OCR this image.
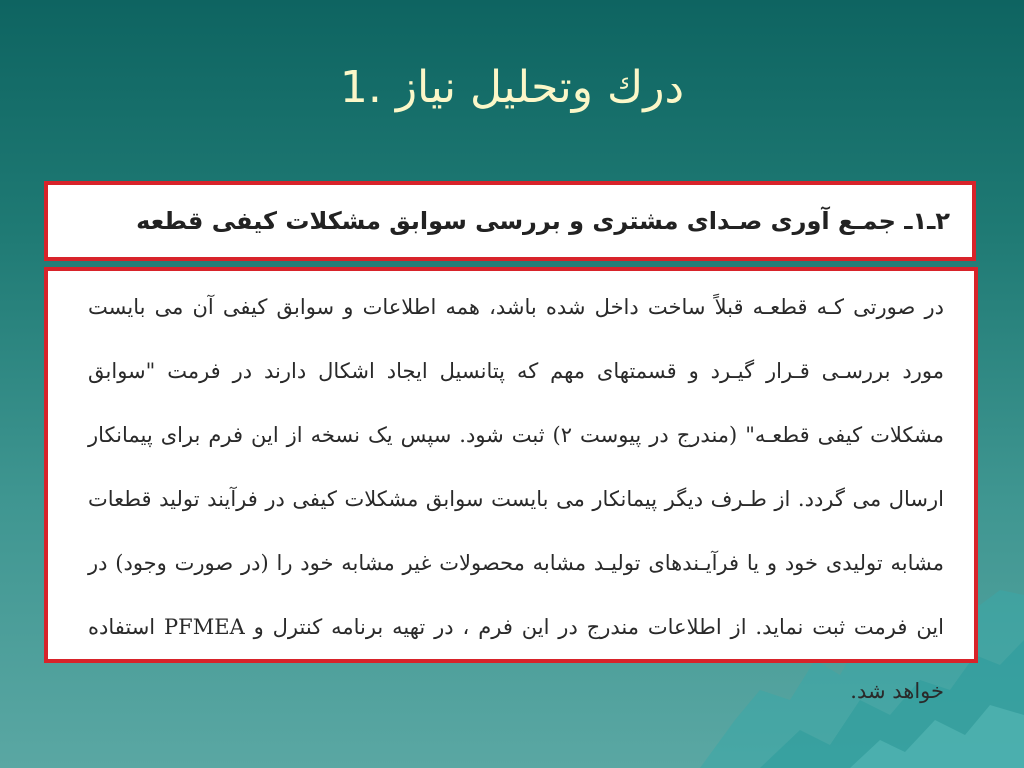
1. درك وتحليل نياز
۲ـ۱ـ جمـع آوری صـدای مشتری و بررسی سوابق مشکلات کیفی قطعه

در صورتی کـه قطعـه قبلاً ساخت داخل شده باشد، همه اطلاعات و سوابق کیفی آن می بایست مورد بررسـی قـرار گیـرد و قسمتهای مهم که پتانسیل ایجاد اشکال دارند در فرمت "سوابق مشکلات کیفی قطعـه" (مندرج در پیوست ۲) ثبت شود. سپس یک نسخه از این فرم برای پیمانکار ارسال می گردد. از طـرف دیگر پیمانکار می بایست سوابق مشکلات کیفی در فرآیند تولید قطعات مشابه تولیدی خود و یا فرآیـندهای تولیـد مشابه محصولات غیر مشابه خود را (در صورت وجود) در این فرمت ثبت نماید. از اطلاعات مندرج در این فرم ، در تهیه برنامه کنترل و PFMEA استفاده خواهد شد.
